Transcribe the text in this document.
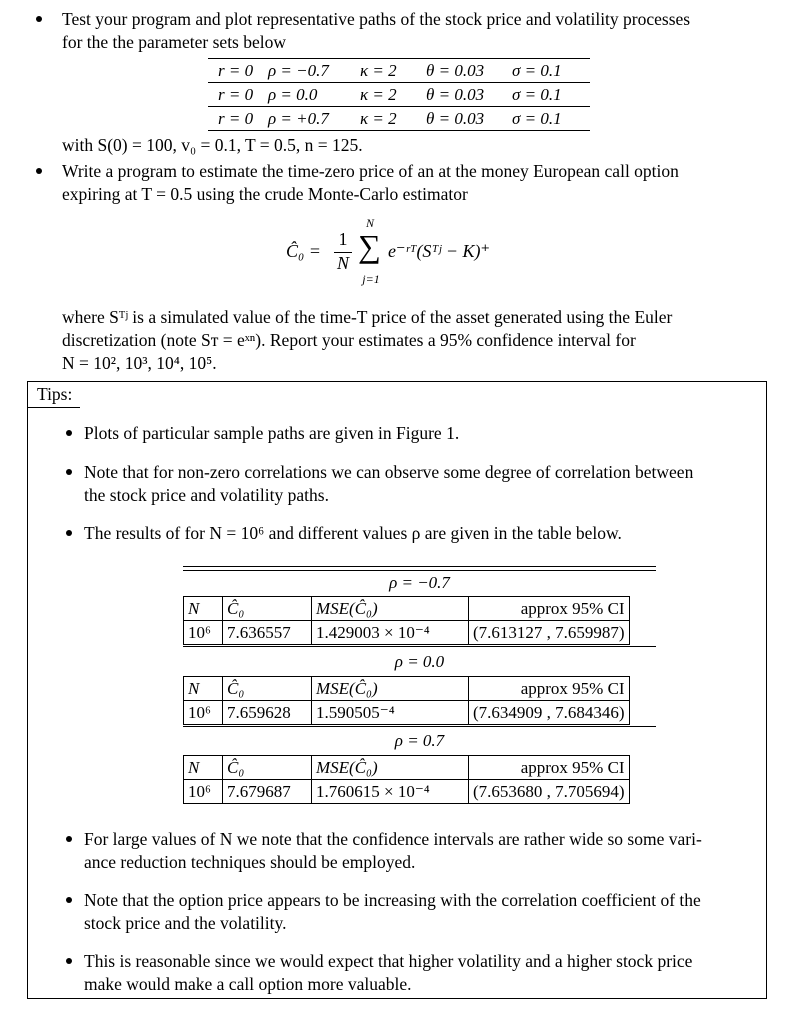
Test your program and plot representative paths of the stock price and volatility processes
for the the parameter sets below
r = 0 ρ = −0.7	κ = 2	θ = 0.03	σ = 0.1
r = 0 ρ = 0.0	κ = 2	θ = 0.03	σ = 0.1
r = 0 ρ = +0.7	κ = 2	θ = 0.03	σ = 0.1
with S(0) = 100, v₀ = 0.1, T = 0.5, n = 125.
Write a program to estimate the time-zero price of an at the money European call option
expiring at T = 0.5 using the crude Monte-Carlo estimator
Ĉ₀ =
1
N
N
∑
j=1
e⁻ʳᵀ(Sᵀʲ − K)⁺
where Sᵀʲ is a simulated value of the time-T price of the asset generated using the Euler
discretization (note Sᴛ = eˣⁿ). Report your estimates a 95% confidence interval for
N = 10², 10³, 10⁴, 10⁵.
Tips:
Plots of particular sample paths are given in Figure 1.
Note that for non-zero correlations we can observe some degree of correlation between
the stock price and volatility paths.
The results of for N = 10⁶ and different values ρ are given in the table below.
ρ = −0.7
N	Ĉ₀	MSE(Ĉ₀)	approx 95% CI
10⁶	7.636557	1.429003 × 10⁻⁴	(7.613127 , 7.659987)
ρ = 0.0
N	Ĉ₀	MSE(Ĉ₀)	approx 95% CI
10⁶	7.659628	1.590505⁻⁴	(7.634909 , 7.684346)
ρ = 0.7
N	Ĉ₀	MSE(Ĉ₀)	approx 95% CI
10⁶	7.679687	1.760615 × 10⁻⁴	(7.653680 , 7.705694)
For large values of N we note that the confidence intervals are rather wide so some vari-
ance reduction techniques should be employed.
Note that the option price appears to be increasing with the correlation coefficient of the
stock price and the volatility.
This is reasonable since we would expect that higher volatility and a higher stock price
make would make a call option more valuable.
